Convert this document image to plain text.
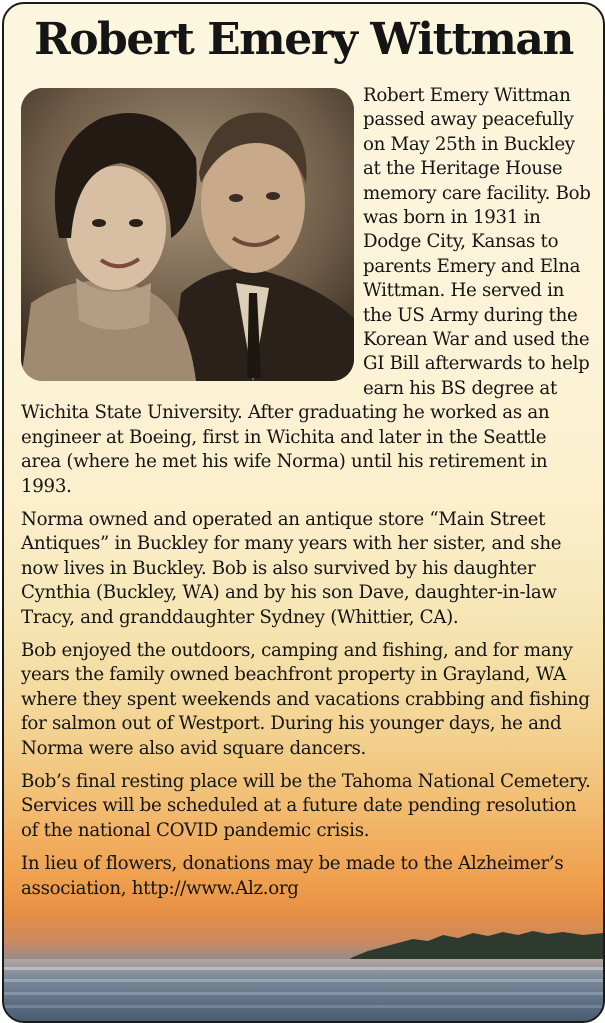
Robert Emery Wittman

Robert Emery Wittman passed away peacefully on May 25th in Buckley at the Heritage House memory care facility. Bob was born in 1931 in Dodge City, Kansas to parents Emery and Elna Wittman. He served in the US Army during the Korean War and used the GI Bill afterwards to help earn his BS degree at Wichita State University. After graduating he worked as an engineer at Boeing, first in Wichita and later in the Seattle area (where he met his wife Norma) until his retirement in 1993.

Norma owned and operated an antique store “Main Street Antiques” in Buckley for many years with her sister, and she now lives in Buckley. Bob is also survived by his daughter Cynthia (Buckley, WA) and by his son Dave, daughter-in-law Tracy, and granddaughter Sydney (Whittier, CA).

Bob enjoyed the outdoors, camping and fishing, and for many years the family owned beachfront property in Grayland, WA where they spent weekends and vacations crabbing and fishing for salmon out of Westport. During his younger days, he and Norma were also avid square dancers.

Bob’s final resting place will be the Tahoma National Cemetery. Services will be scheduled at a future date pending resolution of the national COVID pandemic crisis.

In lieu of flowers, donations may be made to the Alzheimer’s association, http://www.Alz.org
